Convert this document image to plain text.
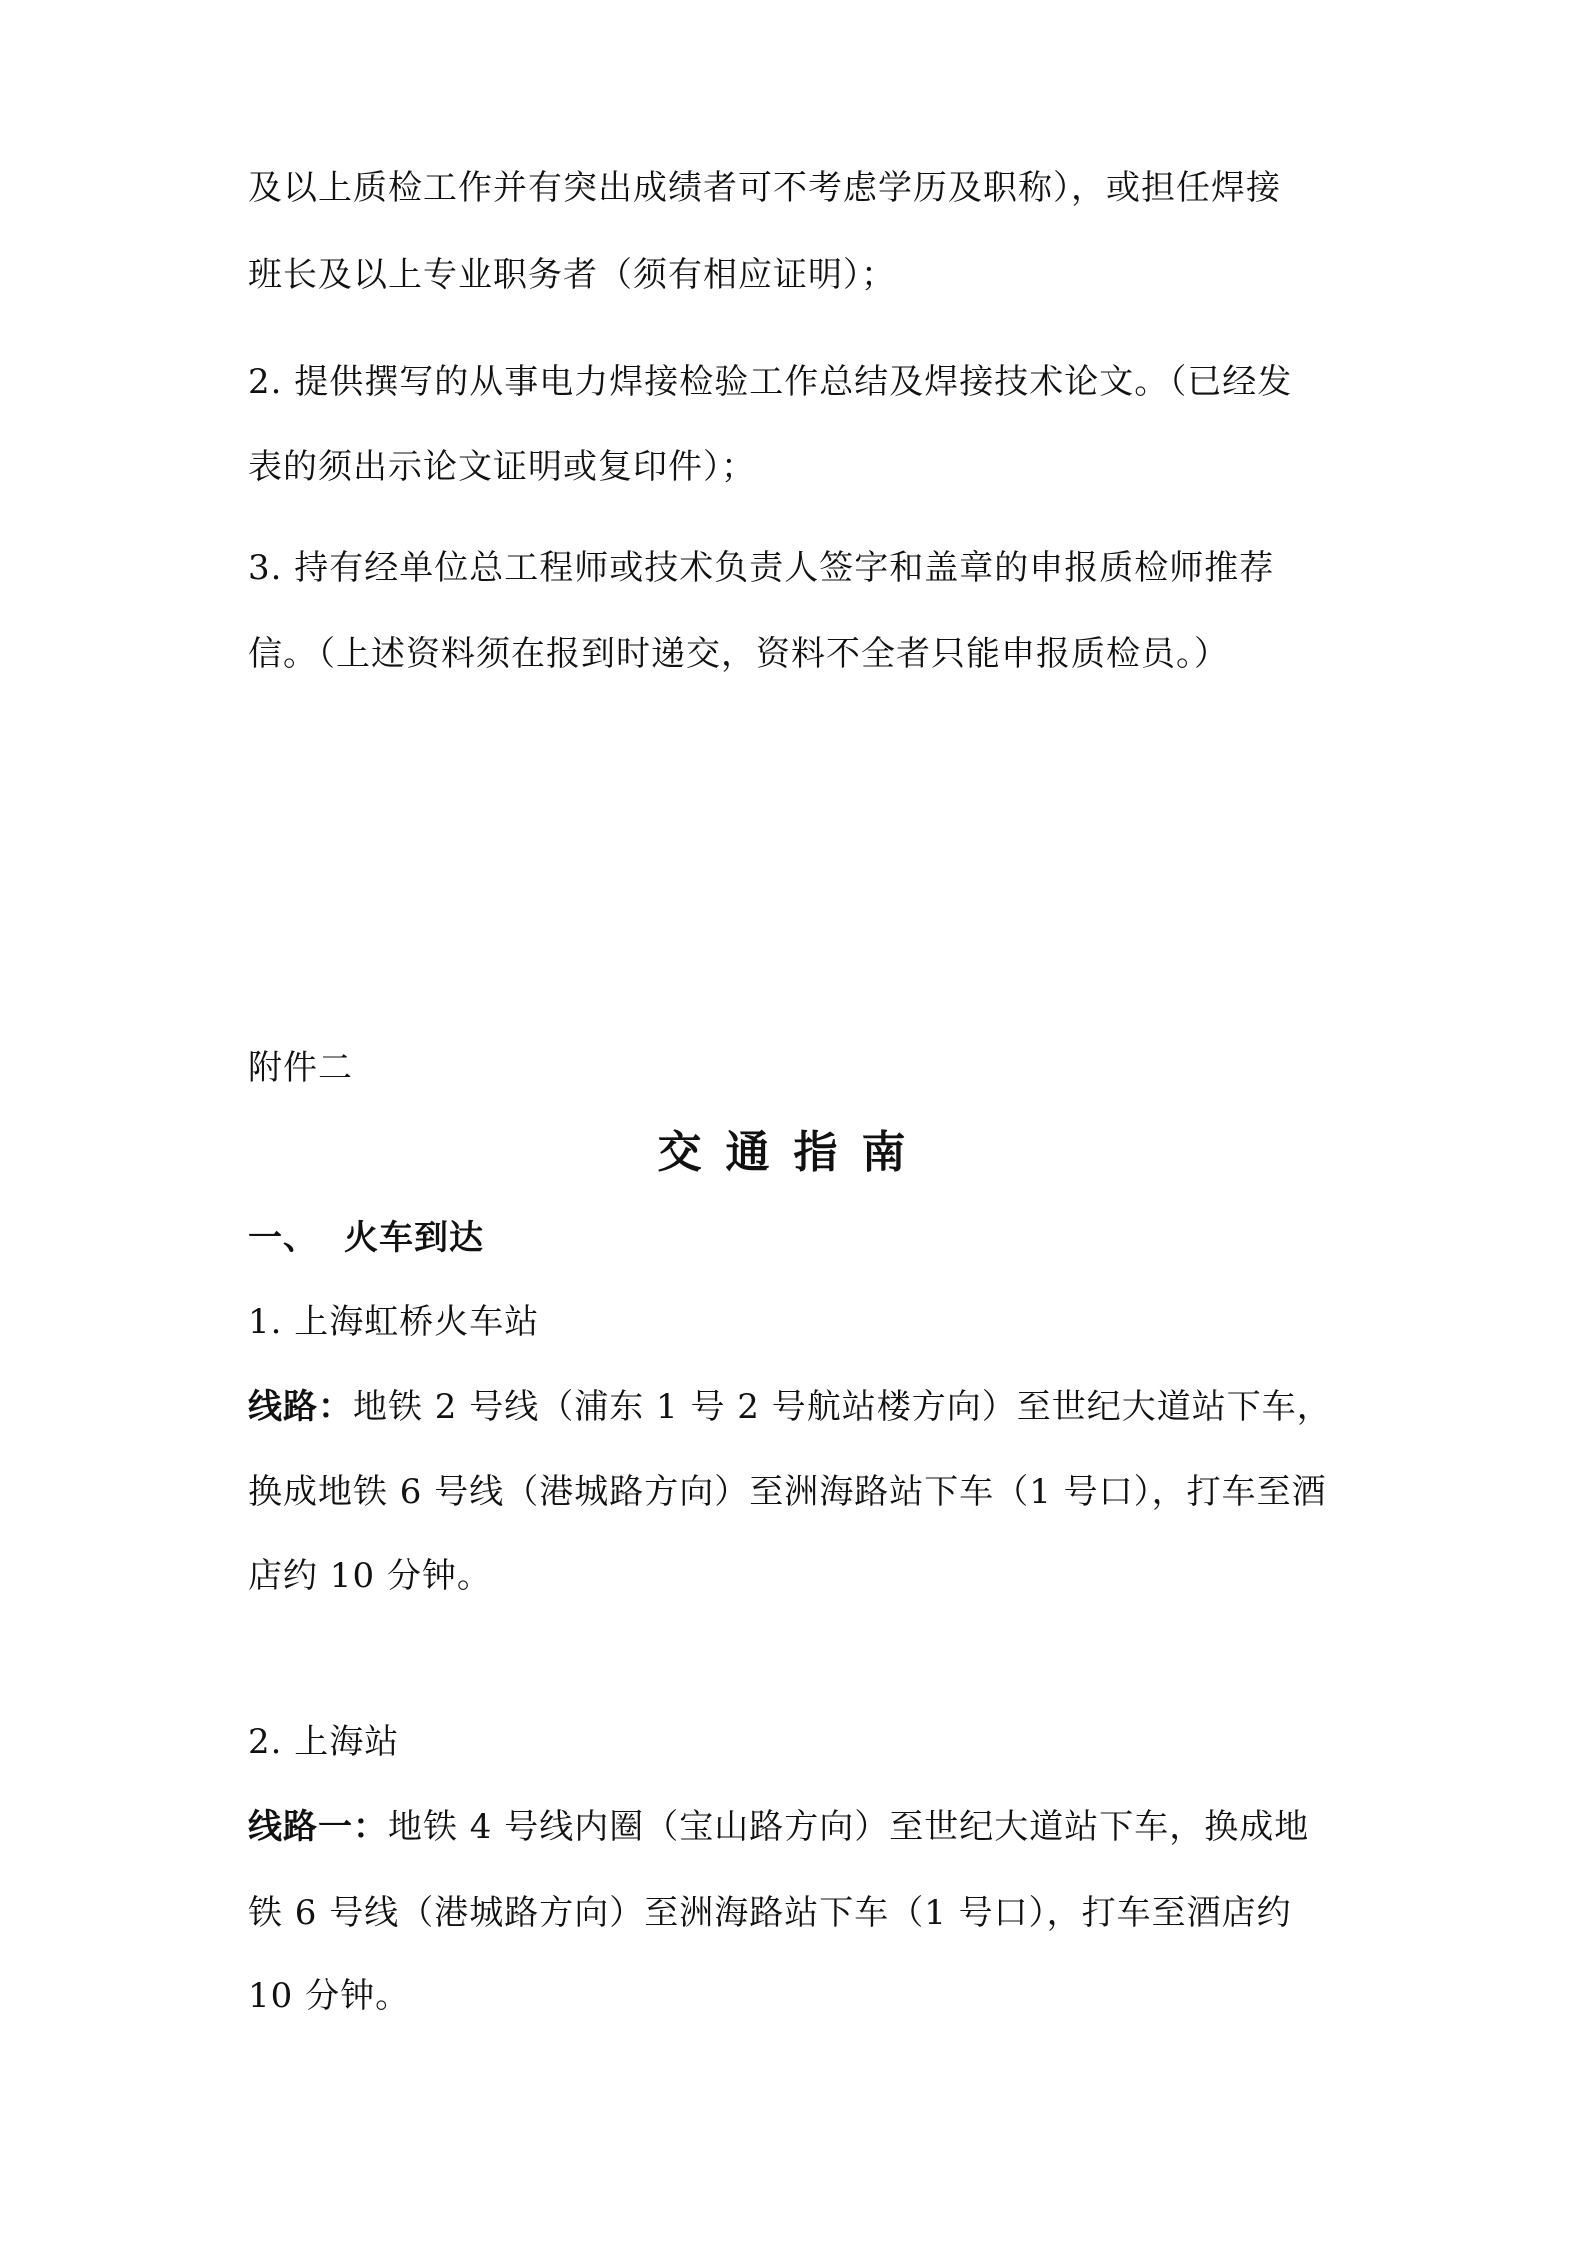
及以上质检工作并有突出成绩者可不考虑学历及职称），或担任焊接
班长及以上专业职务者（须有相应证明）；
2. 提供撰写的从事电力焊接检验工作总结及焊接技术论文。（已经发
表的须出示论文证明或复印件）；
3. 持有经单位总工程师或技术负责人签字和盖章的申报质检师推荐
信。（上述资料须在报到时递交，资料不全者只能申报质检员。）
附件二
交通指南
一、 火车到达
1. 上海虹桥火车站
线路：地铁 2 号线（浦东 1 号 2 号航站楼方向）至世纪大道站下车，
换成地铁 6 号线（港城路方向）至洲海路站下车（1 号口），打车至酒
店约 10 分钟。
2. 上海站
线路一：地铁 4 号线内圈（宝山路方向）至世纪大道站下车，换成地
铁 6 号线（港城路方向）至洲海路站下车（1 号口），打车至酒店约
10 分钟。
